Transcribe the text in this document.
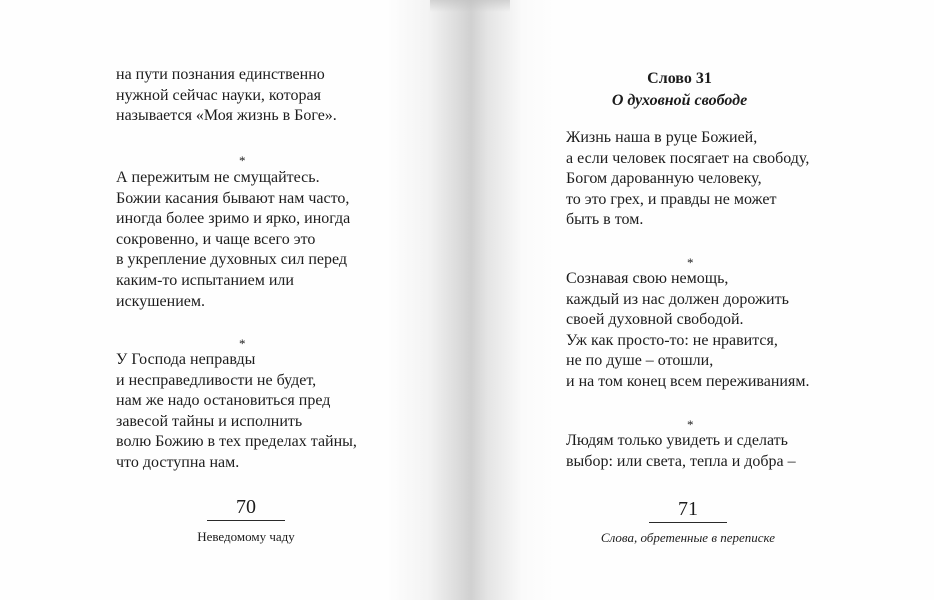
на пути познания единственно
нужной сейчас науки, которая
называется «Моя жизнь в Боге».
*
А пережитым не смущайтесь.
Божии касания бывают нам часто,
иногда более зримо и ярко, иногда
сокровенно, и чаще всего это
в укрепление духовных сил перед
каким-то испытанием или
искушением.
*
У Господа неправды
и несправедливости не будет,
нам же надо остановиться пред
завесой тайны и исполнить
волю Божию в тех пределах тайны,
что доступна нам.
70
Неведомому чаду
Слово 31
О духовной свободе
Жизнь наша в руце Божией,
а если человек посягает на свободу,
Богом дарованную человеку,
то это грех, и правды не может
быть в том.
*
Сознавая свою немощь,
каждый из нас должен дорожить
своей духовной свободой.
Уж как просто-то: не нравится,
не по душе – отошли,
и на том конец всем переживаниям.
*
Людям только увидеть и сделать
выбор: или света, тепла и добра –
71
Слова, обретенные в переписке
